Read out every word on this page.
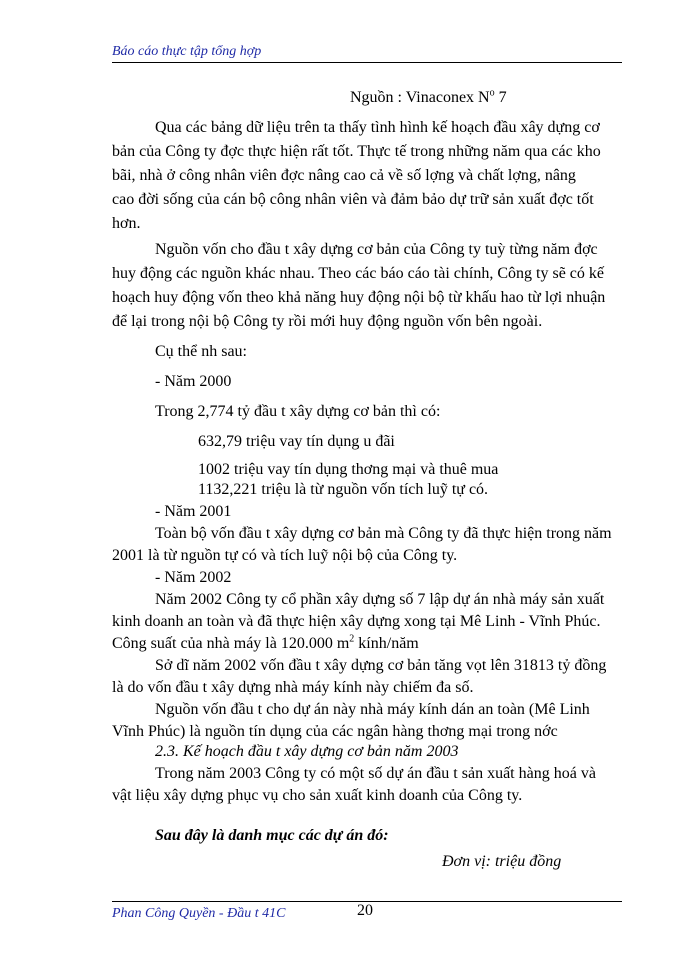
Báo cáo thực tập tổng hợp
Nguồn : Vinaconex $N^o$ 7
Qua các bảng dữ liệu trên ta thấy tình hình kế hoạch đầu xây dựng cơ
bản của Công ty đợc thực hiện rất tốt. Thực tế trong những năm qua các kho
bãi, nhà ở công nhân viên đợc nâng cao cả về số lợng và chất lợng, nâng
cao đời sống của cán bộ công nhân viên và đảm bảo dự trữ sản xuất đợc tốt
hơn.
Nguồn vốn cho đầu t xây dựng cơ bản của Công ty tuỳ từng năm đợc
huy động các nguồn khác nhau. Theo các báo cáo tài chính, Công ty sẽ có kế
hoạch huy động vốn theo khả năng huy động nội bộ từ khấu hao từ lợi nhuận
để lại trong nội bộ Công ty rồi mới huy động nguồn vốn bên ngoài.
Cụ thể nh sau:
- Năm 2000
Trong 2,774 tỷ đầu t xây dựng cơ bản thì có:
632,79 triệu vay tín dụng u đãi
1002 triệu vay tín dụng thơng mại và thuê mua
1132,221 triệu là từ nguồn vốn tích luỹ tự có.
- Năm 2001
Toàn bộ vốn đầu t xây dựng cơ bản mà Công ty đã thực hiện trong năm
2001 là từ nguồn tự có và tích luỹ nội bộ của Công ty.
- Năm 2002
Năm 2002 Công ty cổ phần xây dựng số 7 lập dự án nhà máy sản xuất
kinh doanh an toàn và đã thực hiện xây dựng xong tại Mê Linh - Vĩnh Phúc.
Công suất của nhà máy là 120.000 $m^2$ kính/năm
Sở dĩ năm 2002 vốn đầu t xây dựng cơ bản tăng vọt lên 31813 tỷ đồng
là do vốn đầu t xây dựng nhà máy kính này chiếm đa số.
Nguồn vốn đầu t cho dự án này nhà máy kính dán an toàn (Mê Linh
Vĩnh Phúc) là nguồn tín dụng của các ngân hàng thơng mại trong nớc
2.3. Kế hoạch đầu t xây dựng cơ bản năm 2003
Trong năm 2003 Công ty có một số dự án đầu t sản xuất hàng hoá và
vật liệu xây dựng phục vụ cho sản xuất kinh doanh của Công ty.
Sau đây là danh mục các dự án đó:
Đơn vị: triệu đồng
Phan Công Quyền - Đầu t 41C	20
